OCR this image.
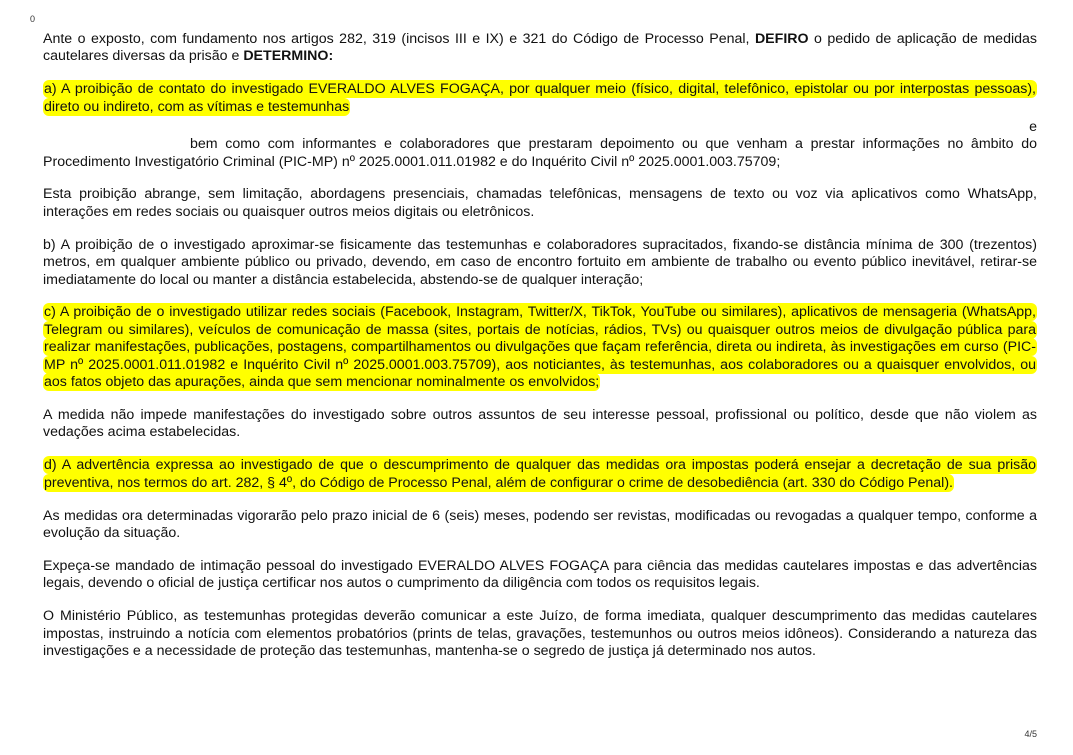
0

Ante o exposto, com fundamento nos artigos 282, 319 (incisos III e IX) e 321 do Código de Processo Penal, DEFIRO o pedido de aplicação de medidas cautelares diversas da prisão e DETERMINO:

a) A proibição de contato do investigado EVERALDO ALVES FOGAÇA, por qualquer meio (físico, digital, telefônico, epistolar ou por interpostas pessoas), direto ou indireto, com as vítimas e testemunhas

e

bem como com informantes e colaboradores que prestaram depoimento ou que venham a prestar informações no âmbito do Procedimento Investigatório Criminal (PIC-MP) nº 2025.0001.011.01982 e do Inquérito Civil nº 2025.0001.003.75709;

Esta proibição abrange, sem limitação, abordagens presenciais, chamadas telefônicas, mensagens de texto ou voz via aplicativos como WhatsApp, interações em redes sociais ou quaisquer outros meios digitais ou eletrônicos.

b) A proibição de o investigado aproximar-se fisicamente das testemunhas e colaboradores supracitados, fixando-se distância mínima de 300 (trezentos) metros, em qualquer ambiente público ou privado, devendo, em caso de encontro fortuito em ambiente de trabalho ou evento público inevitável, retirar-se imediatamente do local ou manter a distância estabelecida, abstendo-se de qualquer interação;

c) A proibição de o investigado utilizar redes sociais (Facebook, Instagram, Twitter/X, TikTok, YouTube ou similares), aplicativos de mensageria (WhatsApp, Telegram ou similares), veículos de comunicação de massa (sites, portais de notícias, rádios, TVs) ou quaisquer outros meios de divulgação pública para realizar manifestações, publicações, postagens, compartilhamentos ou divulgações que façam referência, direta ou indireta, às investigações em curso (PIC-MP nº 2025.0001.011.01982 e Inquérito Civil nº 2025.0001.003.75709), aos noticiantes, às testemunhas, aos colaboradores ou a quaisquer envolvidos, ou aos fatos objeto das apurações, ainda que sem mencionar nominalmente os envolvidos;

A medida não impede manifestações do investigado sobre outros assuntos de seu interesse pessoal, profissional ou político, desde que não violem as vedações acima estabelecidas.

d) A advertência expressa ao investigado de que o descumprimento de qualquer das medidas ora impostas poderá ensejar a decretação de sua prisão preventiva, nos termos do art. 282, § 4º, do Código de Processo Penal, além de configurar o crime de desobediência (art. 330 do Código Penal).

As medidas ora determinadas vigorarão pelo prazo inicial de 6 (seis) meses, podendo ser revistas, modificadas ou revogadas a qualquer tempo, conforme a evolução da situação.

Expeça-se mandado de intimação pessoal do investigado EVERALDO ALVES FOGAÇA para ciência das medidas cautelares impostas e das advertências legais, devendo o oficial de justiça certificar nos autos o cumprimento da diligência com todos os requisitos legais.

O Ministério Público, as testemunhas protegidas deverão comunicar a este Juízo, de forma imediata, qualquer descumprimento das medidas cautelares impostas, instruindo a notícia com elementos probatórios (prints de telas, gravações, testemunhos ou outros meios idôneos). Considerando a natureza das investigações e a necessidade de proteção das testemunhas, mantenha-se o segredo de justiça já determinado nos autos.

4/5
